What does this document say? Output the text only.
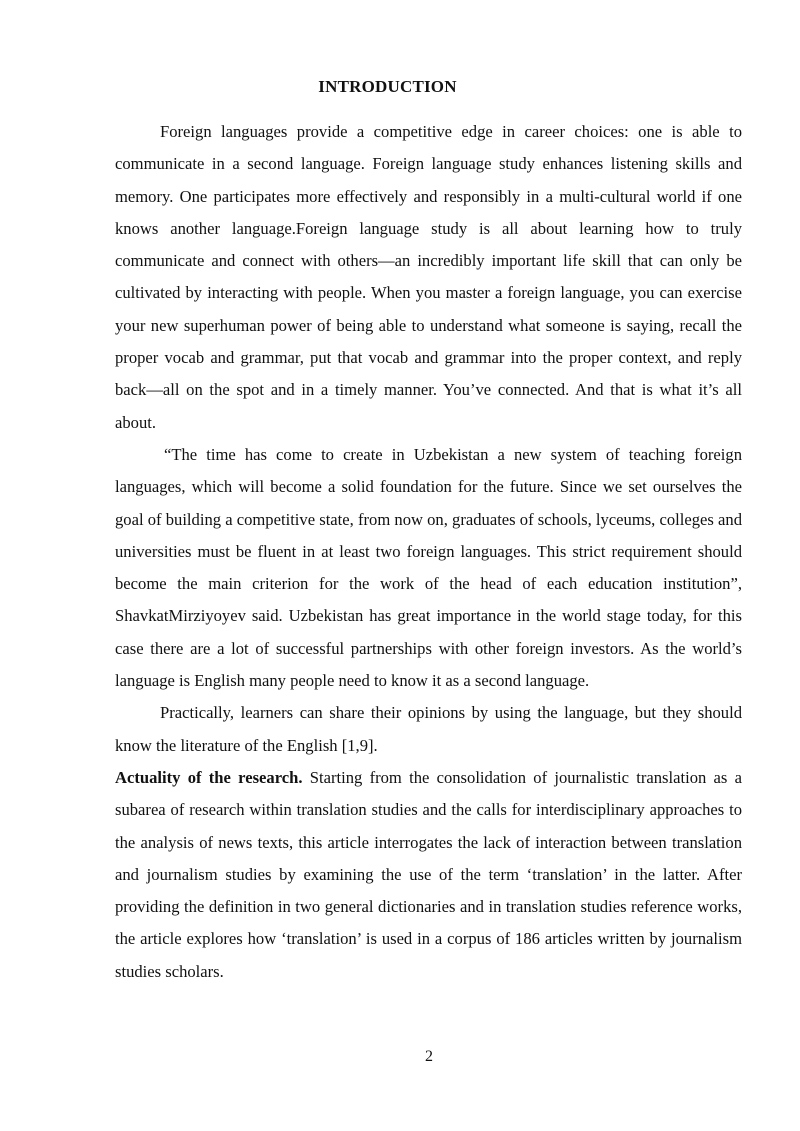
INTRODUCTION

Foreign languages provide a competitive edge in career choices: one is able to communicate in a second language. Foreign language study enhances listening skills and memory. One participates more effectively and responsibly in a multi-cultural world if one knows another language.Foreign language study is all about learning how to truly communicate and connect with others—an incredibly important life skill that can only be cultivated by interacting with people. When you master a foreign language, you can exercise your new superhuman power of being able to understand what someone is saying, recall the proper vocab and grammar, put that vocab and grammar into the proper context, and reply back—all on the spot and in a timely manner. You’ve connected. And that is what it’s all about.

“The time has come to create in Uzbekistan a new system of teaching foreign languages, which will become a solid foundation for the future. Since we set ourselves the goal of building a competitive state, from now on, graduates of schools, lyceums, colleges and universities must be fluent in at least two foreign languages. This strict requirement should become the main criterion for the work of the head of each education institution”, ShavkatMirziyoyev said. Uzbekistan has great importance in the world stage today, for this case there are a lot of successful partnerships with other foreign investors. As the world’s language is English many people need to know it as a second language.

Practically, learners can share their opinions by using the language, but they should know the literature of the English [1,9].

Actuality of the research. Starting from the consolidation of journalistic translation as a subarea of research within translation studies and the calls for interdisciplinary approaches to the analysis of news texts, this article interrogates the lack of interaction between translation and journalism studies by examining the use of the term ‘translation’ in the latter. After providing the definition in two general dictionaries and in translation studies reference works, the article explores how ‘translation’ is used in a corpus of 186 articles written by journalism studies scholars.

2
